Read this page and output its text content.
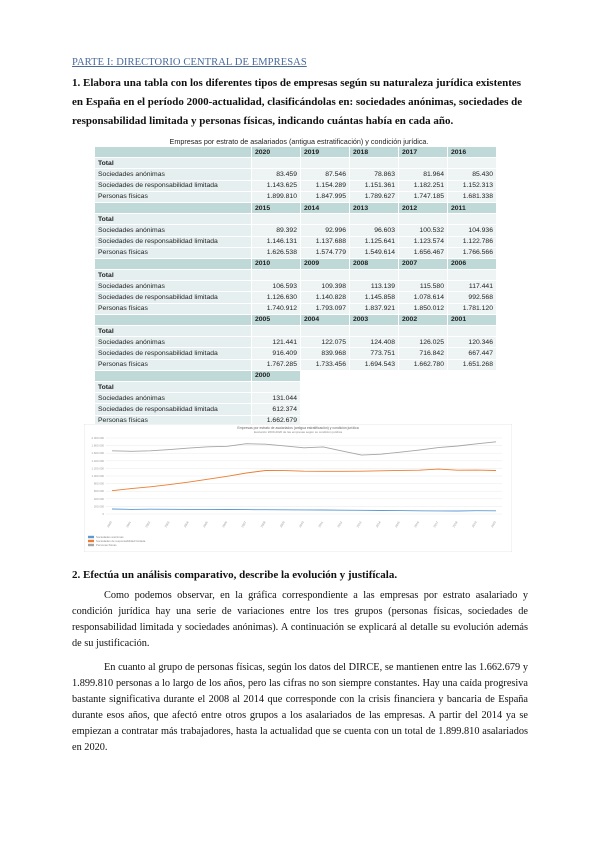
PARTE I: DIRECTORIO CENTRAL DE EMPRESAS
1. Elabora una tabla con los diferentes tipos de empresas según su naturaleza jurídica existentes en España en el período 2000-actualidad, clasificándolas en: sociedades anónimas, sociedades de responsabilidad limitada y personas físicas, indicando cuántas había en cada año.
Empresas por estrato de asalariados (antigua estratificación) y condición jurídica.
	2020	2019	2018	2017	2016
Total					
Sociedades anónimas	83.459	87.546	78.863	81.964	85.430
Sociedades de responsabilidad limitada	1.143.625	1.154.289	1.151.361	1.182.251	1.152.313
Personas físicas	1.899.810	1.847.995	1.789.627	1.747.185	1.681.338
	2015	2014	2013	2012	2011
Total					
Sociedades anónimas	89.392	92.996	96.603	100.532	104.936
Sociedades de responsabilidad limitada	1.146.131	1.137.688	1.125.641	1.123.574	1.122.786
Personas físicas	1.626.538	1.574.779	1.549.614	1.656.467	1.766.566
	2010	2009	2008	2007	2006
Total					
Sociedades anónimas	106.593	109.398	113.139	115.580	117.441
Sociedades de responsabilidad limitada	1.126.630	1.140.828	1.145.858	1.078.614	992.568
Personas físicas	1.740.912	1.793.097	1.837.921	1.850.012	1.781.120
	2005	2004	2003	2002	2001
Total					
Sociedades anónimas	121.441	122.075	124.408	126.025	120.346
Sociedades de responsabilidad limitada	916.409	839.968	773.751	716.842	667.447
Personas físicas	1.767.285	1.733.456	1.694.543	1.662.780	1.651.268
	2000				
Total					
Sociedades anónimas	131.044				
Sociedades de responsabilidad limitada	612.374				
Personas físicas	1.662.679				
Empresas por estrato de asalariados (antigua estratificación) y condición jurídica
Evolución 2000-2020 de las empresas según su condición jurídica
2.000.000
1.800.000
1.600.000
1.400.000
1.200.000
1.000.000
800.000
600.000
400.000
200.000
0
2000	2001	2002	2003	2004	2005	2006	2007	2008	2009	2010	2011	2012	2013	2014	2015	2016	2017	2018	2019	2020
Sociedades anónimas
Sociedades de responsabilidad limitada
Personas físicas
2. Efectúa un análisis comparativo, describe la evolución y justifícala.
Como podemos observar, en la gráfica correspondiente a las empresas por estrato asalariado y condición jurídica hay una serie de variaciones entre los tres grupos (personas físicas, sociedades de responsabilidad limitada y sociedades anónimas). A continuación se explicará al detalle su evolución además de su justificación.
En cuanto al grupo de personas físicas, según los datos del DIRCE, se mantienen entre las 1.662.679 y 1.899.810 personas a lo largo de los años, pero las cifras no son siempre constantes. Hay una caída progresiva bastante significativa durante el 2008 al 2014 que corresponde con la crisis financiera y bancaria de España durante esos años, que afectó entre otros grupos a los asalariados de las empresas. A partir del 2014 ya se empiezan a contratar más trabajadores, hasta la actualidad que se cuenta con un total de 1.899.810 asalariados en 2020.
